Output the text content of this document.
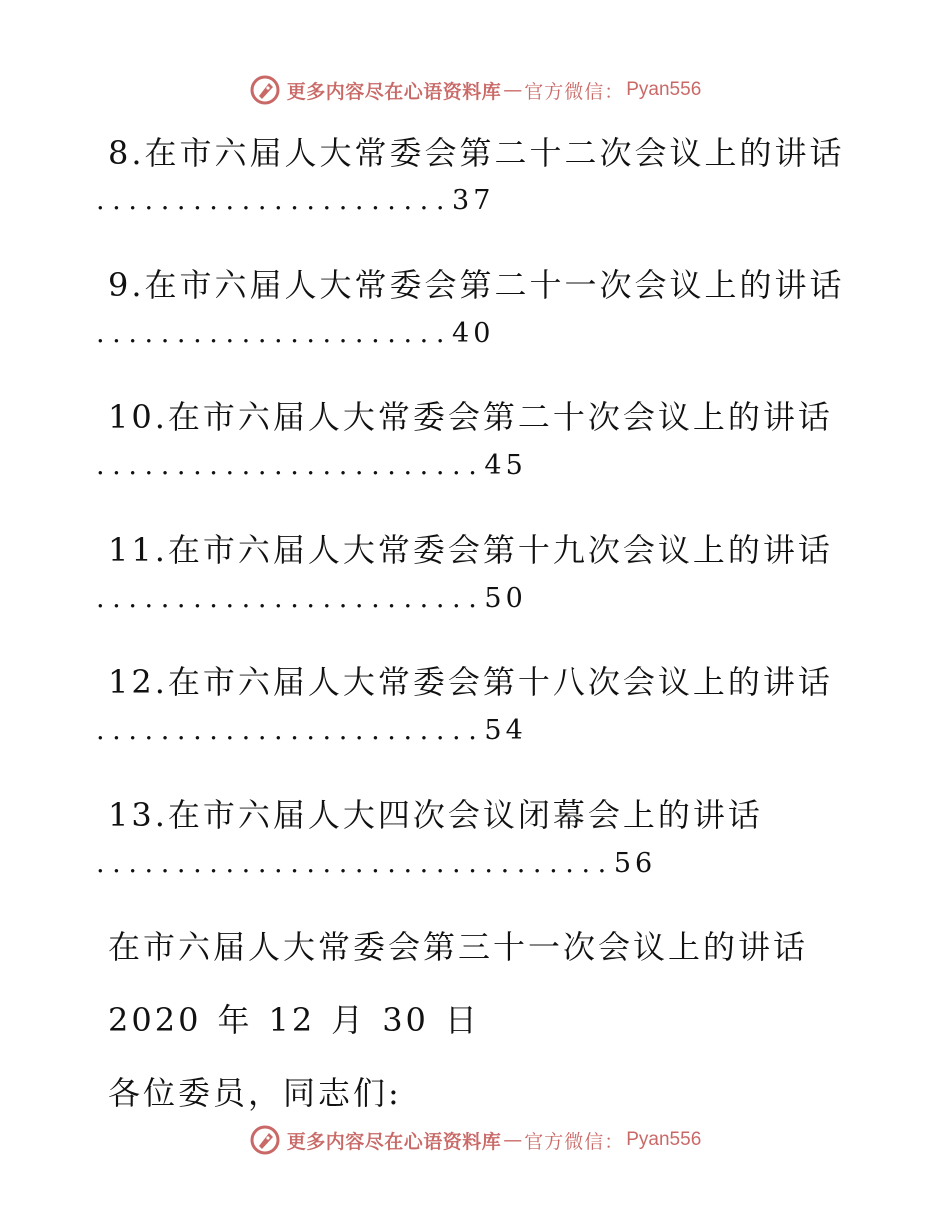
更多内容尽在心语资料库 — 官方微信： Pyan556
8.在市六届人大常委会第二十二次会议上的讲话
......................37
9.在市六届人大常委会第二十一次会议上的讲话
......................40
10.在市六届人大常委会第二十次会议上的讲话
........................45
11.在市六届人大常委会第十九次会议上的讲话
........................50
12.在市六届人大常委会第十八次会议上的讲话
........................54
13.在市六届人大四次会议闭幕会上的讲话
................................56
在市六届人大常委会第三十一次会议上的讲话
2020 年 12 月 30 日
各位委员，同志们:
更多内容尽在心语资料库 — 官方微信： Pyan556
